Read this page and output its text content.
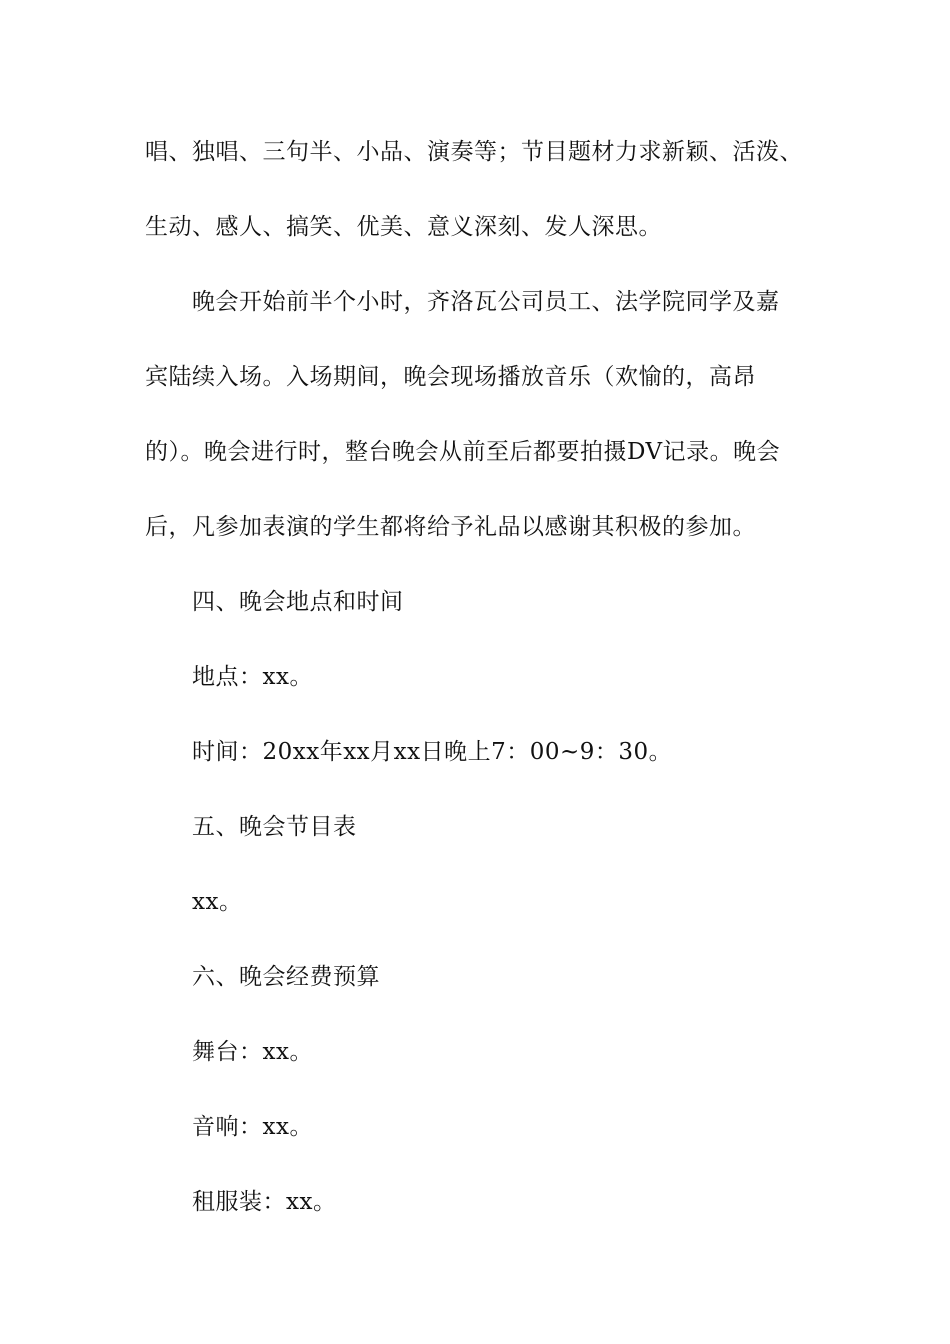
唱、独唱、三句半、小品、演奏等；节目题材力求新颖、活泼、

生动、感人、搞笑、优美、意义深刻、发人深思。

晚会开始前半个小时，齐洛瓦公司员工、法学院同学及嘉

宾陆续入场。入场期间，晚会现场播放音乐（欢愉的，高昂

的）。晚会进行时，整台晚会从前至后都要拍摄DV记录。晚会

后，凡参加表演的学生都将给予礼品以感谢其积极的参加。

四、晚会地点和时间

地点：xx。

时间：20xx年xx月xx日晚上7：00~9：30。

五、晚会节目表

xx。

六、晚会经费预算

舞台：xx。

音响：xx。

租服装：xx。
